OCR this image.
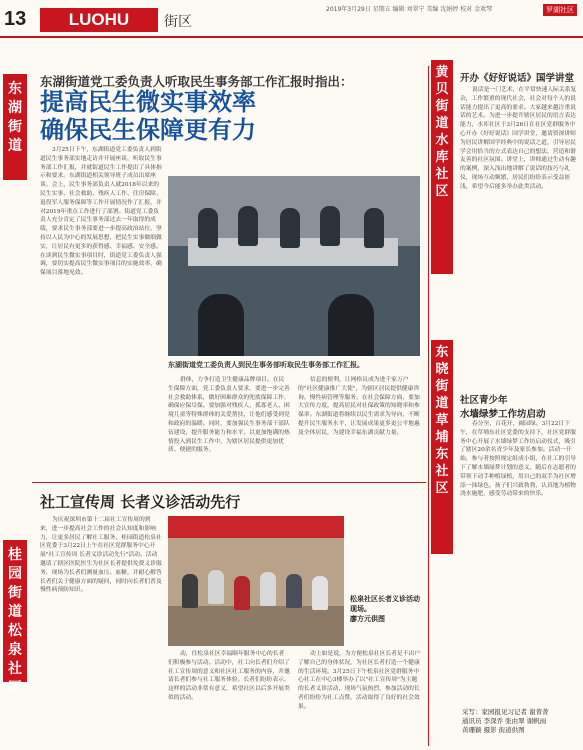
13	LUOHU	街区
2019年3月29日 星期五 编辑 刘翠宁 美编 沈娟婷 校对 金欢琴	罗湖社区
东湖街道
桂园街道松泉社区
东湖街道党工委负责人听取民生事务部工作汇报时指出：
提高民生微实事效率
确保民生保障更有力
3月25日下午，东湖街道党工委负责人到街道民生事务部实地走访并开展座谈，听取民生事务部工作汇报，并就街道民生工作提出了具体指示和要求。东湖街道相关领导班子成员出席座谈。会上，民生事务部负责人就2018年以来的民生实事、社会救助、残疾人工作、住房保障、退役军人服务保障等工作开展情况作了汇报，并对2019年重点工作进行了部署。街道党工委负责人充分肯定了民生事务部过去一年取得的成绩，要求民生事务部要进一步提高政治站位，坚持以人民为中心的发展思想，把民生实事做细做实，让居民有更多的获得感、幸福感、安全感。在谈到民生微实事项目时，街道党工委负责人强调，要切实提高民生微实事项目的实施效率，确保项目落地见效。
东湖街道党工委负责人到民生事务部听取民生事务部工作汇报。
群体，力争打造卫生健康品牌项目。在民生保障方面，党工委负责人要求，要进一步完善社会救助体系，做好困难群众的兜底保障工作，确保应保尽保。要加强对残疾人、孤寡老人、困境儿童等特殊群体的关爱帮扶，让他们感受到党和政府的温暖。同时，要加强民生事务部干部队伍建设，提升服务能力和水平，以更加饱满的热情投入到民生工作中，为辖区居民提供更加优质、便捷的服务。
信息的便利，让网格员成为进千家万户的"社区健康推广大使"，为辖区居民提供健康咨询、慢性病管理等服务。在社会保障方面，要加大宣传力度，提高居民对社保政策的知晓率和参保率。东湖街道将继续以民生需求为导向，不断提升民生服务水平，让发展成果更多更公平地惠及全体居民，为建设幸福东湖贡献力量。
社工宣传周 长者义诊活动先行
为庆祝深圳市第十二届社工宣传周的到来，进一步提高社会工作的社会认知度和影响力，让更多居民了解社工服务，桂园街道松泉社区党委于3月22日上午在社区党群服务中心开展"社工宣传周 长者义诊活动先行"活动。活动邀请了辖区医院医生为社区长者提供免费义诊服务，现场为长者们测量血压、血糖，并耐心解答长者们关于健康方面的疑问，同时向长者们普及慢性病预防知识。
松泉社区长者义诊活动现场。
廖方元供图
动，住松泉社区幸福颐年服务中心的长者们积极参与活动。活动中，社工向长者们介绍了社工宣传周的意义和社区社工服务的内容，并邀请长者们参与社工服务体验。长者们纷纷表示，这样的活动非常有意义，希望社区以后多开展类似的活动。
动上如是说，为方便松泉社区长者足不出户了解自己的身体状况，为社区长者打造一个健康的生活环境。3月25日下午松泉社区党群服务中心社工在中心3楼举办了以"社工宣传周"为主题的长者义诊活动，现场气氛热烈，参加活动的长者们纷纷为社工点赞，活动取得了良好的社会效果。
黄贝街道水库社区
东晓街道草埔东社区
开办《好好说话》国学讲堂
说话是一门艺术，在平常快速人际关系复杂，工作繁重的现代社会，社会对每个人的说话能力提出了更高的要求。大家越来越注重说话的艺术。为进一步提升辖区居民的语言表达能力，水库社区于3月26日在社区党群服务中心开办《好好说话》国学讲堂，邀请资深讲师为居民讲解国学经典中的说话之道，引导居民学会用恰当的方式表达自己的想法，营造和谐友善的社区氛围。讲堂上，讲师通过生动有趣的案例，深入浅出地讲解了说话的技巧与礼仪，现场互动频繁，居民们纷纷表示受益匪浅，希望今后能多举办此类活动。
社区青少年
水墙绿梦工作坊启动
春分至，百花开，阔园绿。3月22日下午，在草埔东社区党委的支持下，社区党群服务中心开展了水墙绿梦工作坊启动仪式，吸引了辖区20余名青少年及家长参加。活动一开始，参与者按照规定组成小组，在社工的引导下了解水墙绿梦计划的意义，随后在志愿者的带领下动手种植绿植，用自己的双手为社区增添一抹绿色。孩子们兴致勃勃，认真地为植物浇水施肥，感受劳动带来的快乐。
采写：家园报见习记者 谢菁菁
通讯员 李深乔 张由翠 谢帆雨
黄珊颖 摄影 街道供图
